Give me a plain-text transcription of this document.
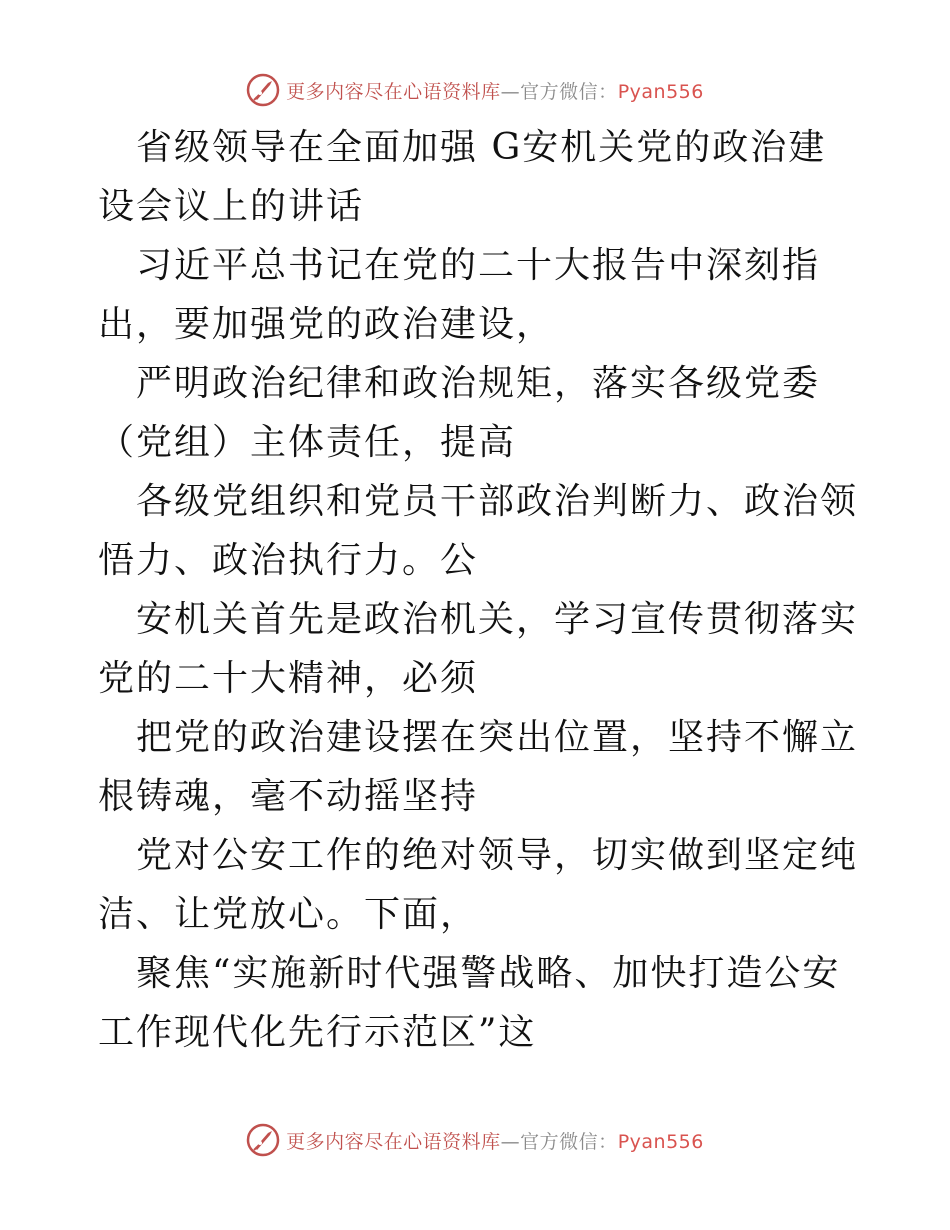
更多内容尽在心语资料库—官方微信：Pyan556

省级领导在全面加强 G安机关党的政治建设会议上的讲话

习近平总书记在党的二十大报告中深刻指出，要加强党的政治建设，

严明政治纪律和政治规矩，落实各级党委（党组）主体责任，提高

各级党组织和党员干部政治判断力、政治领悟力、政治执行力。公

安机关首先是政治机关，学习宣传贯彻落实党的二十大精神，必须

把党的政治建设摆在突出位置，坚持不懈立根铸魂，毫不动摇坚持

党对公安工作的绝对领导，切实做到坚定纯洁、让党放心。下面，

聚焦“实施新时代强警战略、加快打造公安工作现代化先行示范区”这

更多内容尽在心语资料库—官方微信：Pyan556
